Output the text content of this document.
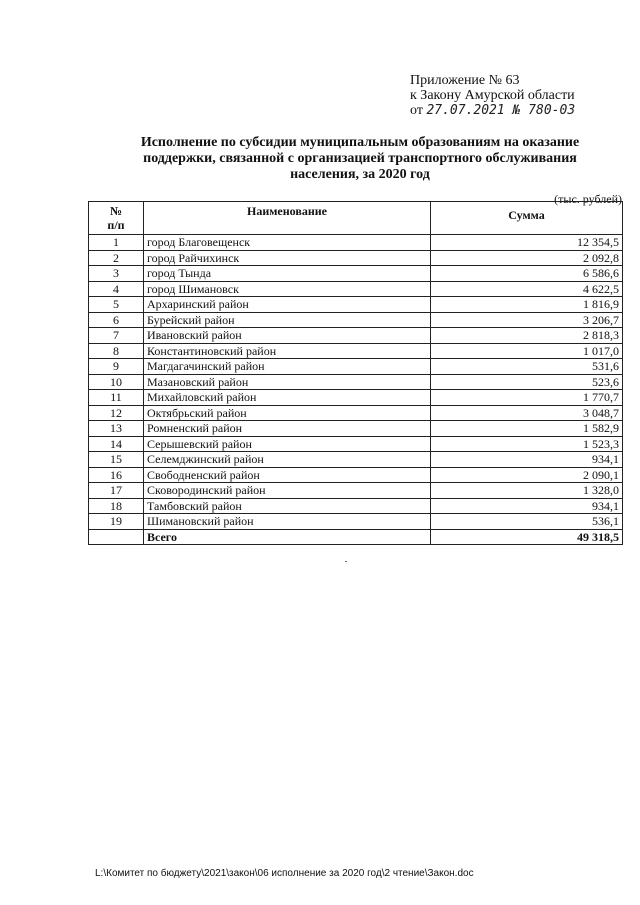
Приложение № 63
к Закону Амурской области
от 27.07.2021 № 780-03
Исполнение по субсидии муниципальным образованиям на оказание
поддержки, связанной с организацией транспортного обслуживания
населения, за 2020 год
(тыс. рублей)
№
п/п	Наименование	Сумма
1	город Благовещенск	12 354,5
2	город Райчихинск	2 092,8
3	город Тында	6 586,6
4	город Шимановск	4 622,5
5	Архаринский район	1 816,9
6	Бурейский район	3 206,7
7	Ивановский район	2 818,3
8	Константиновский район	1 017,0
9	Магдагачинский район	531,6
10	Мазановский район	523,6
11	Михайловский район	1 770,7
12	Октябрьский район	3 048,7
13	Ромненский район	1 582,9
14	Серышевский район	1 523,3
15	Селемджинский район	934,1
16	Свободненский район	2 090,1
17	Сковородинский район	1 328,0
18	Тамбовский район	934,1
19	Шимановский район	536,1
	Всего	49 318,5
L:\Комитет по бюджету\2021\закон\06 исполнение за 2020 год\2 чтение\Закон.doc
